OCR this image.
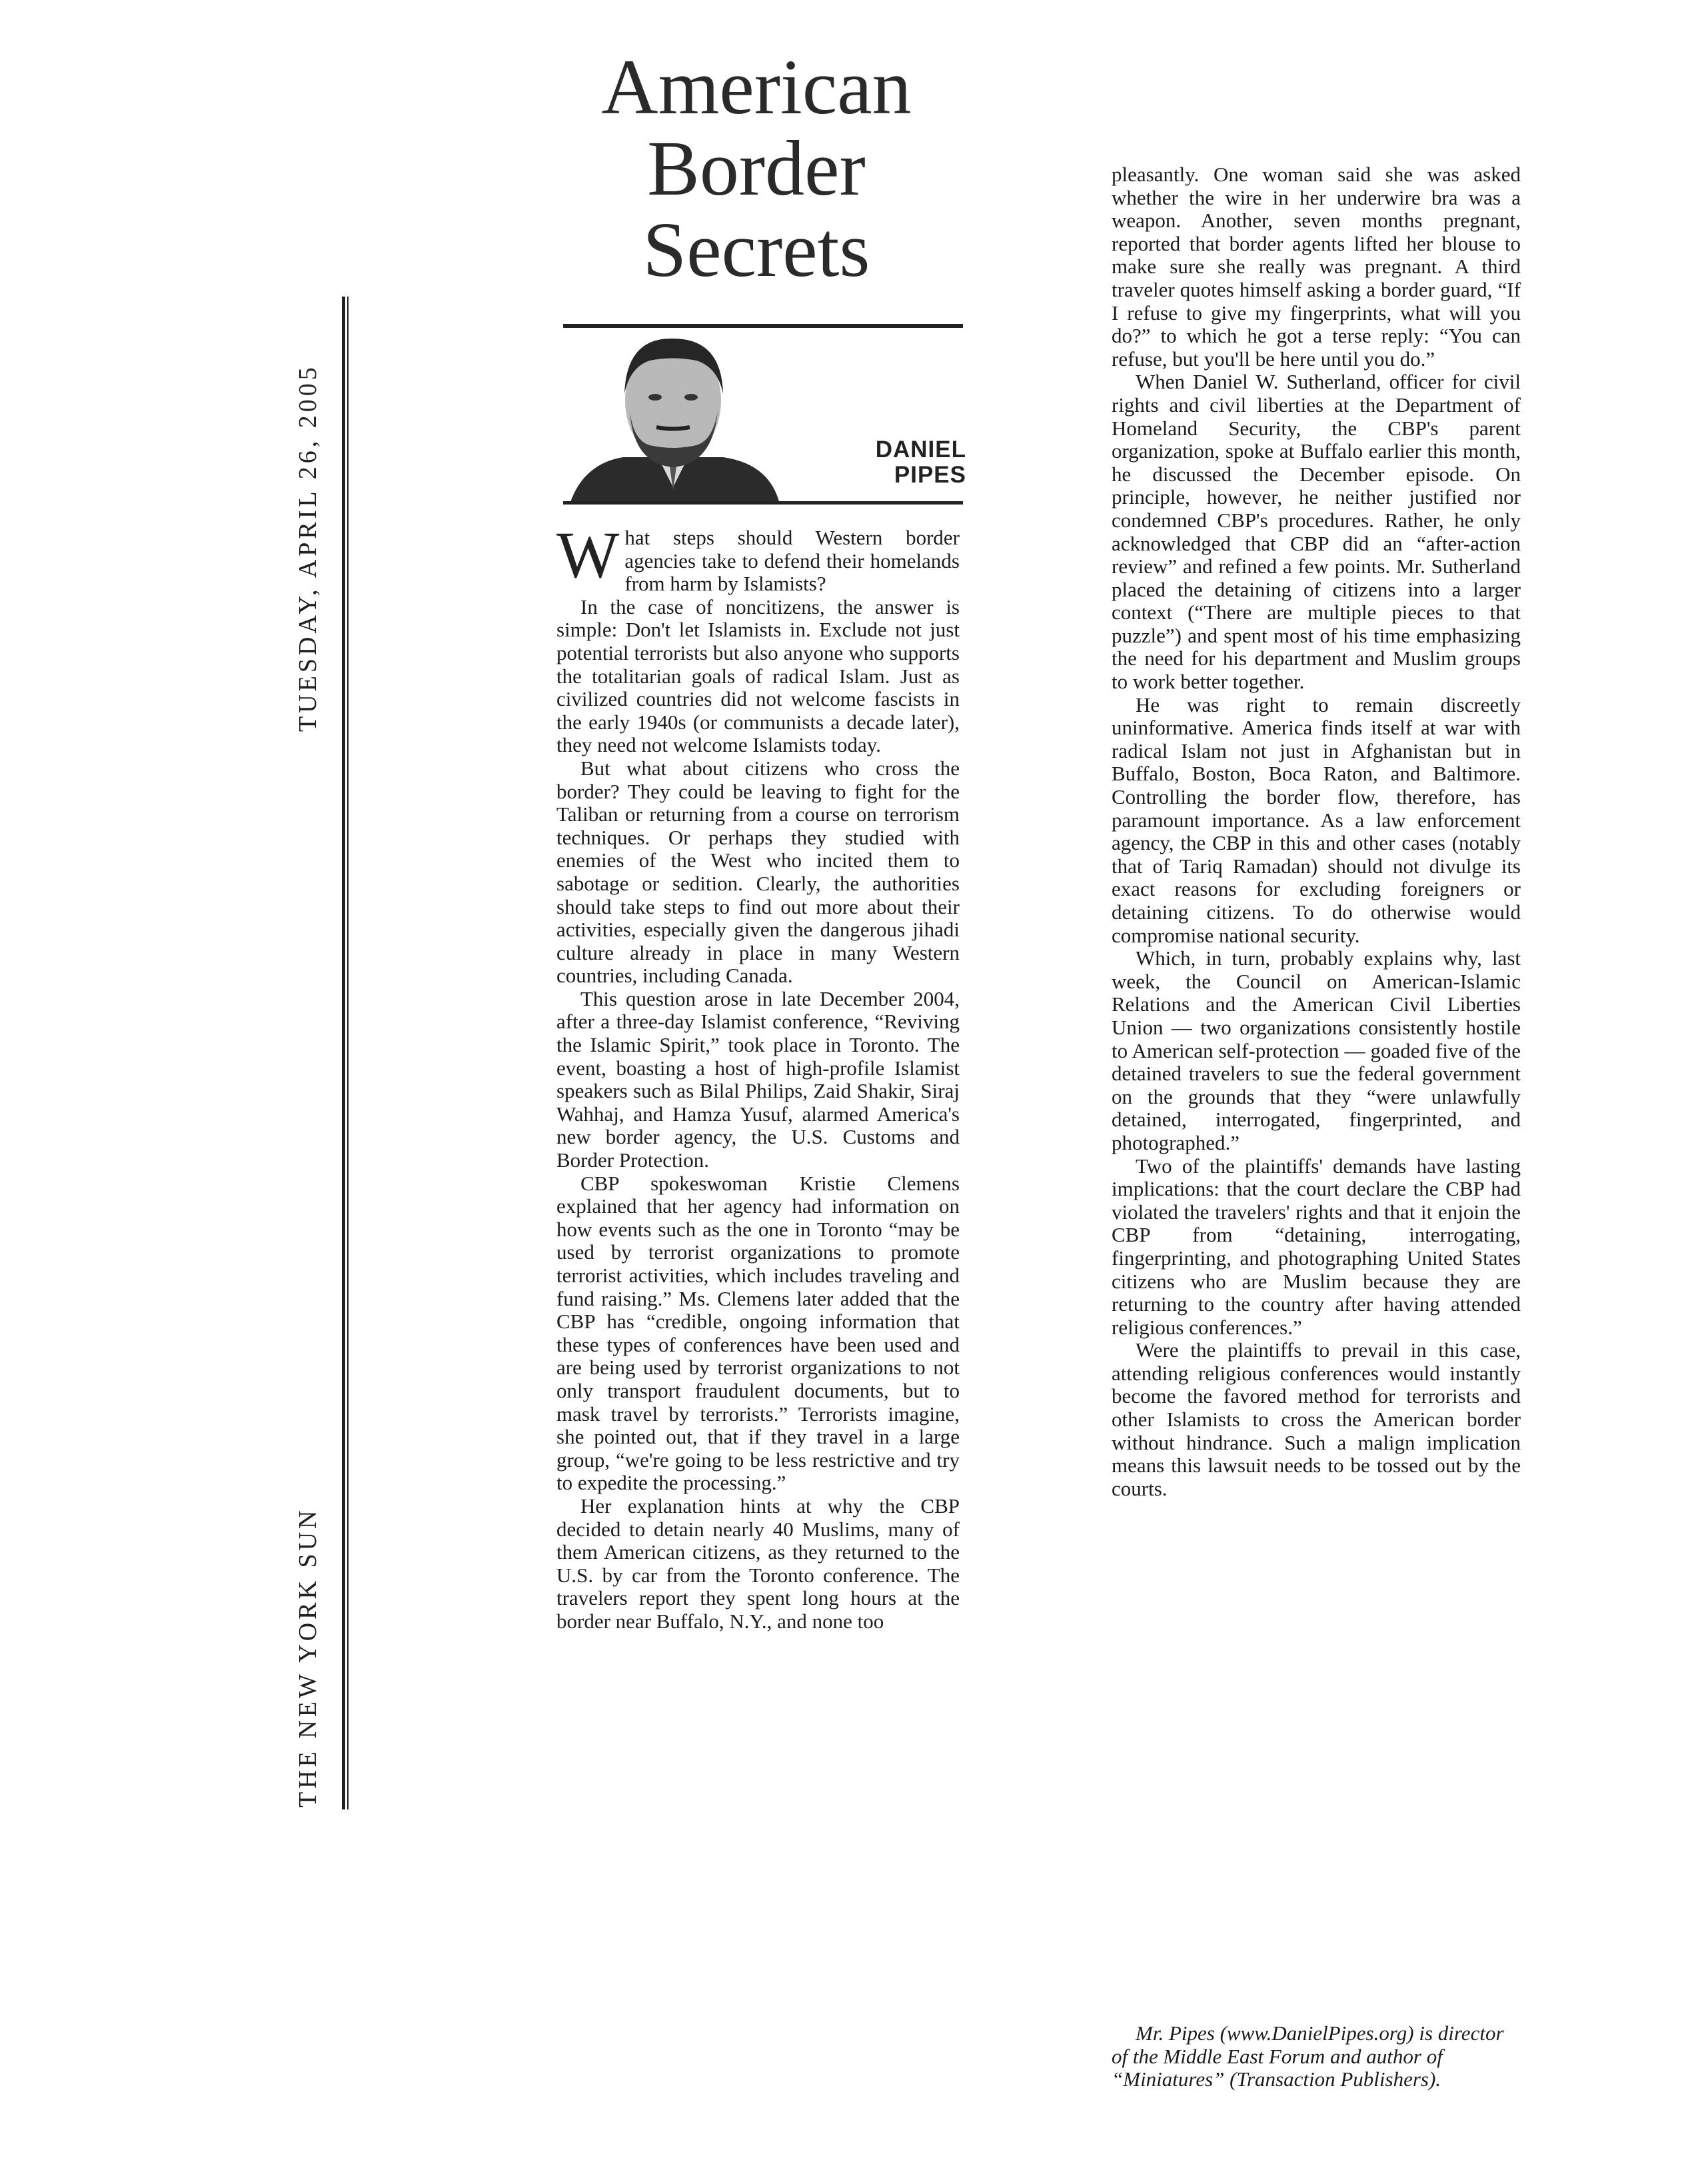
TUESDAY, APRIL 26, 2005
THE NEW YORK SUN
American
Border
Secrets
DANIEL
PIPES

What steps should Western border agencies take to defend their homelands from harm by Islamists?

In the case of noncitizens, the answer is simple: Don't let Islamists in. Exclude not just potential terrorists but also anyone who supports the totalitarian goals of radical Islam. Just as civilized countries did not welcome fascists in the early 1940s (or communists a decade later), they need not welcome Islamists today.

But what about citizens who cross the border? They could be leaving to fight for the Taliban or returning from a course on terrorism techniques. Or perhaps they studied with enemies of the West who incited them to sabotage or sedition. Clearly, the authorities should take steps to find out more about their activities, especially given the dangerous jihadi culture already in place in many Western countries, including Canada.

This question arose in late December 2004, after a three-day Islamist conference, “Reviving the Islamic Spirit,” took place in Toronto. The event, boasting a host of high-profile Islamist speakers such as Bilal Philips, Zaid Shakir, Siraj Wahhaj, and Hamza Yusuf, alarmed America's new border agency, the U.S. Customs and Border Protection.

CBP spokeswoman Kristie Clemens explained that her agency had information on how events such as the one in Toronto “may be used by terrorist organizations to promote terrorist activities, which includes traveling and fund raising.” Ms. Clemens later added that the CBP has “credible, ongoing information that these types of conferences have been used and are being used by terrorist organizations to not only transport fraudulent documents, but to mask travel by terrorists.” Terrorists imagine, she pointed out, that if they travel in a large group, “we're going to be less restrictive and try to expedite the processing.”

Her explanation hints at why the CBP decided to detain nearly 40 Muslims, many of them American citizens, as they returned to the U.S. by car from the Toronto conference. The travelers report they spent long hours at the border near Buffalo, N.Y., and none too

pleasantly. One woman said she was asked whether the wire in her underwire bra was a weapon. Another, seven months pregnant, reported that border agents lifted her blouse to make sure she really was pregnant. A third traveler quotes himself asking a border guard, “If I refuse to give my fingerprints, what will you do?” to which he got a terse reply: “You can refuse, but you'll be here until you do.”

When Daniel W. Sutherland, officer for civil rights and civil liberties at the Department of Homeland Security, the CBP's parent organization, spoke at Buffalo earlier this month, he discussed the December episode. On principle, however, he neither justified nor condemned CBP's procedures. Rather, he only acknowledged that CBP did an “after-action review” and refined a few points. Mr. Sutherland placed the detaining of citizens into a larger context (“There are multiple pieces to that puzzle”) and spent most of his time emphasizing the need for his department and Muslim groups to work better together.

He was right to remain discreetly uninformative. America finds itself at war with radical Islam not just in Afghanistan but in Buffalo, Boston, Boca Raton, and Baltimore. Controlling the border flow, therefore, has paramount importance. As a law enforcement agency, the CBP in this and other cases (notably that of Tariq Ramadan) should not divulge its exact reasons for excluding foreigners or detaining citizens. To do otherwise would compromise national security.

Which, in turn, probably explains why, last week, the Council on American-Islamic Relations and the American Civil Liberties Union — two organizations consistently hostile to American self-protection — goaded five of the detained travelers to sue the federal government on the grounds that they “were unlawfully detained, interrogated, fingerprinted, and photographed.”

Two of the plaintiffs' demands have lasting implications: that the court declare the CBP had violated the travelers' rights and that it enjoin the CBP from “detaining, interrogating, fingerprinting, and photographing United States citizens who are Muslim because they are returning to the country after having attended religious conferences.”

Were the plaintiffs to prevail in this case, attending religious conferences would instantly become the favored method for terrorists and other Islamists to cross the American border without hindrance. Such a malign implication means this lawsuit needs to be tossed out by the courts.

Mr. Pipes (www.DanielPipes.org) is director of the Middle East Forum and author of “Miniatures” (Transaction Publishers).
